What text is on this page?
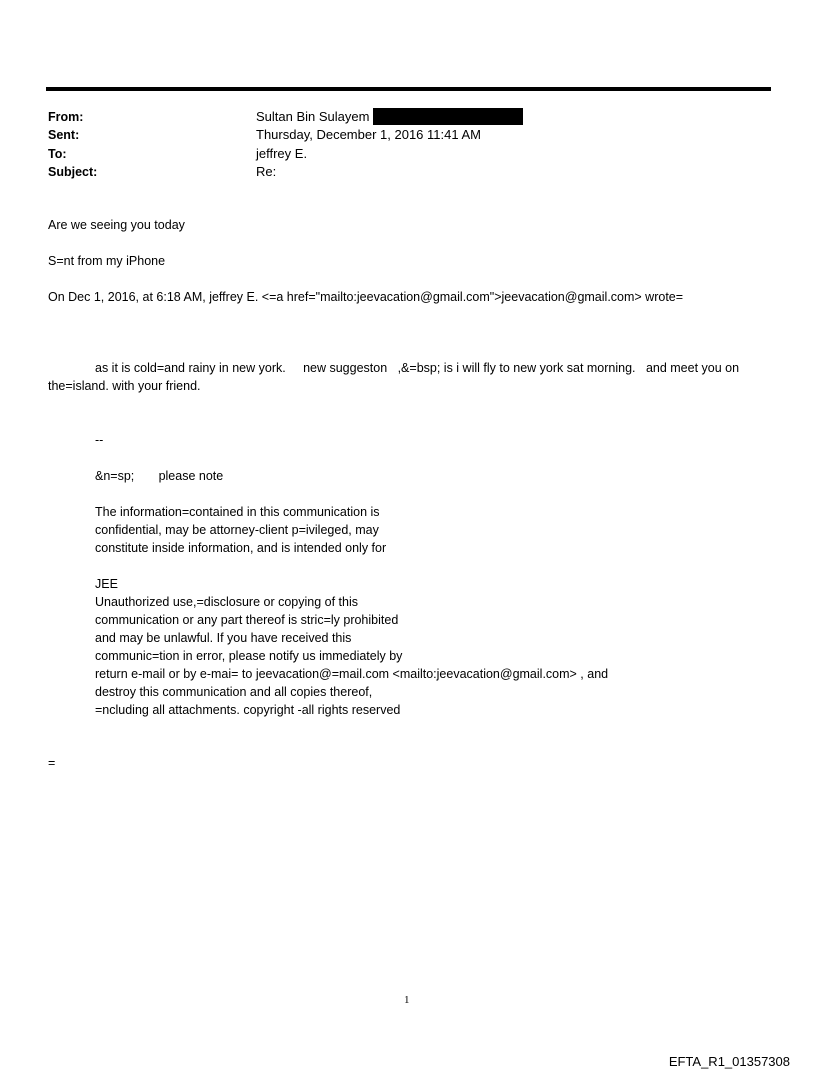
From:	Sultan Bin Sulayem
Sent:	Thursday, December 1, 2016 11:41 AM
To:	jeffrey E.
Subject:	Re:
Are we seeing you today
S=nt from my iPhone
On Dec 1, 2016, at 6:18 AM, jeffrey E. <=a href="mailto:jeevacation@gmail.com">jeevacation@gmail.com> wrote=
as it is cold=and rainy in new york.     new suggeston   ,&=bsp; is i will fly to new york sat morning.   and meet you on the=island. with your friend.
--
&n=sp;       please note
The information=contained in this communication is
confidential, may be attorney-client p=ivileged, may
constitute inside information, and is intended only for
JEE
Unauthorized use,=disclosure or copying of this
communication or any part thereof is stric=ly prohibited
and may be unlawful. If you have received this
communic=tion in error, please notify us immediately by
return e-mail or by e-mai= to jeevacation@=mail.com <mailto:jeevacation@gmail.com> , and
destroy this communication and all copies thereof,
=ncluding all attachments. copyright -all rights reserved
=
1
EFTA_R1_01357308
